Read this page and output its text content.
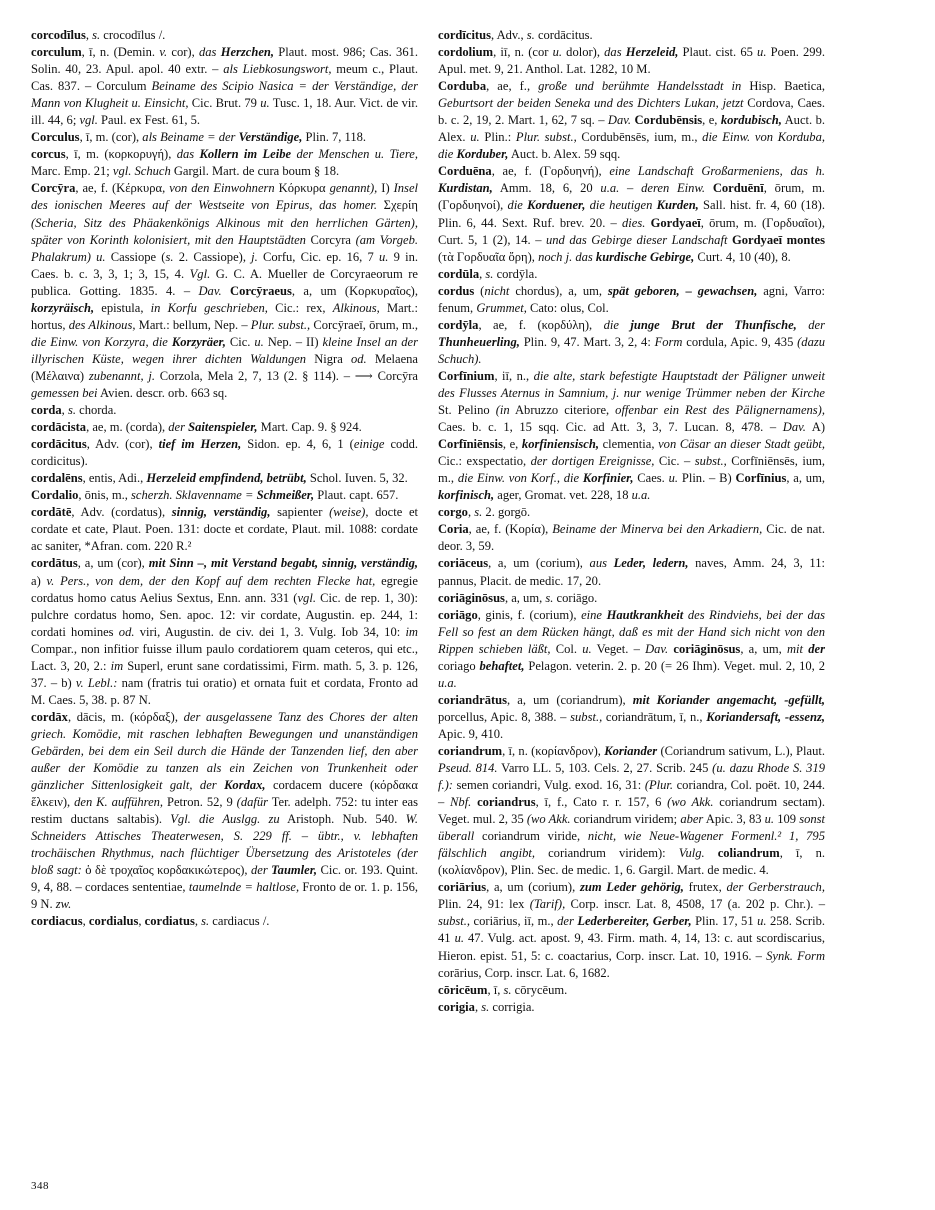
corcodīlus, s. crocodīlus /.

corculum, ī, n. (Demin. v. cor), das Herzchen, Plaut. most. 986; Cas. 361. Solin. 40, 23. Apul. apol. 40 extr. – als Liebkosungswort, meum c., Plaut. Cas. 837. – Corculum Beiname des Scipio Nasica = der Verständige, der Mann von Klugheit u. Einsicht, Cic. Brut. 79 u. Tusc. 1, 18. Aur. Vict. de vir. ill. 44, 6; vgl. Paul. ex Fest. 61, 5.

Corculus, ī, m. (cor), als Beiname = der Verständige, Plin. 7, 118.

corcus, ī, m. (κορκορυγή), das Kollern im Leibe der Menschen u. Tiere, Marc. Emp. 21; vgl. Schuch Gargil. Mart. de cura boum § 18.

Corcȳra, ae, f. (Κέρκυρα, von den Einwohnern Κόρκυρα genannt), I) Insel des ionischen Meeres auf der Westseite von Epirus, das homer. Σχερίη (Scheria, Sitz des Phäakenkönigs Alkinous mit den herrlichen Gärten), später von Korinth kolonisiert, mit den Hauptstädten Corcyra (am Vorgeb. Phalakrum) u. Cassiope (s. 2. Cassiope), j. Corfu, Cic. ep. 16, 7 u. 9 in. Caes. b. c. 3, 3, 1; 3, 15, 4. Vgl. G. C. A. Mueller de Corcyraeorum re publica. Gotting. 1835. 4. – Dav. Corcȳraeus, a, um (Κορκυραῖος), korzyräisch, epistula, in Korfu geschrieben, Cic.: rex, Alkinous, Mart.: hortus, des Alkinous, Mart.: bellum, Nep. – Plur. subst., Corcȳraeī, ōrum, m., die Einw. von Korzyra, die Korzyräer, Cic. u. Nep. – II) kleine Insel an der illyrischen Küste, wegen ihrer dichten Waldungen Nigra od. Melaena (Μέλαινα) zubenannt, j. Corzola, Mela 2, 7, 13 (2. § 114). – ⟶ Corcȳra gemessen bei Avien. descr. orb. 663 sq.

corda, s. chorda.

cordācista, ae, m. (corda), der Saitenspieler, Mart. Cap. 9. § 924.

cordācitus, Adv. (cor), tief im Herzen, Sidon. ep. 4, 6, 1 (einige codd. cordicitus).

cordalēns, entis, Adi., Herzeleid empfindend, betrübt, Schol. Iuven. 5, 32.

Cordalio, ōnis, m., scherzh. Sklavenname = Schmeißer, Plaut. capt. 657.

cordātē, Adv. (cordatus), sinnig, verständig, sapienter (weise), docte et cordate et cate, Plaut. Poen. 131: docte et cordate, Plaut. mil. 1088: cordate ac saniter, *Afran. com. 220 R.²

cordātus, a, um (cor), mit Sinn –, mit Verstand begabt, sinnig, verständig, a) v. Pers., von dem, der den Kopf auf dem rechten Flecke hat, egregie cordatus homo catus Aelius Sextus, Enn. ann. 331 (vgl. Cic. de rep. 1, 30): pulchre cordatus homo, Sen. apoc. 12: vir cordate, Augustin. ep. 244, 1: cordati homines od. viri, Augustin. de civ. dei 1, 3. Vulg. Iob 34, 10: im Compar., non infitior fuisse illum paulo cordatiorem quam ceteros, qui etc., Lact. 3, 20, 2.: im Superl, erunt sane cordatissimi, Firm. math. 5, 3. p. 126, 37. – b) v. Lebl.: nam (fratris tui oratio) et ornata fuit et cordata, Fronto ad M. Caes. 5, 38. p. 87 N.

cordāx, dācis, m. (κόρδαξ), der ausgelassene Tanz des Chores der alten griech. Komödie, mit raschen lebhaften Bewegungen und unanständigen Gebärden, bei dem ein Seil durch die Hände der Tanzenden lief, den aber außer der Komödie zu tanzen als ein Zeichen von Trunkenheit oder gänzlicher Sittenlosigkeit galt, der Kordax, cordacem ducere (κόρδακα ἕλκειν), den K. aufführen, Petron. 52, 9 (dafür Ter. adelph. 752: tu inter eas restim ductans saltabis). Vgl. die Auslgg. zu Aristoph. Nub. 540. W. Schneiders Attisches Theaterwesen, S. 229 ff. – übtr., v. lebhaften trochäischen Rhythmus, nach flüchtiger Übersetzung des Aristoteles (der bloß sagt: ὁ δὲ τροχαῖος κορδακικώτερος), der Taumler, Cic. or. 193. Quint. 9, 4, 88. – cordaces sententiae, taumelnde = haltlose, Fronto de or. 1. p. 156, 9 N. zw.

cordiacus, cordialus, cordiatus, s. cardiacus /.

cordīcitus, Adv., s. cordācitus.

cordolium, iī, n. (cor u. dolor), das Herzeleid, Plaut. cist. 65 u. Poen. 299. Apul. met. 9, 21. Anthol. Lat. 1282, 10 M.

Corduba, ae, f., große und berühmte Handelsstadt in Hisp. Baetica, Geburtsort der beiden Seneka und des Dichters Lukan, jetzt Cordova, Caes. b. c. 2, 19, 2. Mart. 1, 62, 7 sq. – Dav. Cordubēnsis, e, kordubisch, Auct. b. Alex. u. Plin.: Plur. subst., Cordubēnsēs, ium, m., die Einw. von Korduba, die Korduber, Auct. b. Alex. 59 sqq.

Corduēna, ae, f. (Γορδυηνή), eine Landschaft Großarmeniens, das h. Kurdistan, Amm. 18, 6, 20 u.a. – deren Einw. Corduēnī, ōrum, m. (Γορδυηνοί), die Korduener, die heutigen Kurden, Sall. hist. fr. 4, 60 (18). Plin. 6, 44. Sext. Ruf. brev. 20. – dies. Gordyaeī, ōrum, m. (Γορδυαῖοι), Curt. 5, 1 (2), 14. – und das Gebirge dieser Landschaft Gordyaeī montes (τὰ Γορδυαῖα ὄρη), noch j. das kurdische Gebirge, Curt. 4, 10 (40), 8.

cordūla, s. cordȳla.

cordus (nicht chordus), a, um, spät geboren, – gewachsen, agni, Varro: fenum, Grummet, Cato: olus, Col.

cordȳla, ae, f. (κορδύλη), die junge Brut der Thunfische, der Thunheuerling, Plin. 9, 47. Mart. 3, 2, 4: Form cordula, Apic. 9, 435 (dazu Schuch).

Corfīnium, iī, n., die alte, stark befestigte Hauptstadt der Päligner unweit des Flusses Aternus in Samnium, j. nur wenige Trümmer neben der Kirche St. Pelino (in Abruzzo citeriore, offenbar ein Rest des Pälignernamens), Caes. b. c. 1, 15 sqq. Cic. ad Att. 3, 3, 7. Lucan. 8, 478. – Dav. A) Corfīniēnsis, e, korfiniensisch, clementia, von Cäsar an dieser Stadt geübt, Cic.: exspectatio, der dortigen Ereignisse, Cic. – subst., Corfīniēnsēs, ium, m., die Einw. von Korf., die Korfinier, Caes. u. Plin. – B) Corfīnius, a, um, korfinisch, ager, Gromat. vet. 228, 18 u.a.

corgo, s. 2. gorgō.

Coria, ae, f. (Κορία), Beiname der Minerva bei den Arkadiern, Cic. de nat. deor. 3, 59.

coriāceus, a, um (corium), aus Leder, ledern, naves, Amm. 24, 3, 11: pannus, Placit. de medic. 17, 20.

coriāginōsus, a, um, s. coriāgo.

coriāgo, ginis, f. (corium), eine Hautkrankheit des Rindviehs, bei der das Fell so fest an dem Rücken hängt, daß es mit der Hand sich nicht von den Rippen schieben läßt, Col. u. Veget. – Dav. coriāginōsus, a, um, mit der coriago behaftet, Pelagon. veterin. 2. p. 20 (= 26 Ihm). Veget. mul. 2, 10, 2 u.a.

coriandrātus, a, um (coriandrum), mit Koriander angemacht, -gefüllt, porcellus, Apic. 8, 388. – subst., coriandrātum, ī, n., Koriandersaft, -essenz, Apic. 9, 410.

coriandrum, ī, n. (κορίανδρον), Koriander (Coriandrum sativum, L.), Plaut. Pseud. 814. Varro LL. 5, 103. Cels. 2, 27. Scrib. 245 (u. dazu Rhode S. 319 f.): semen coriandri, Vulg. exod. 16, 31: (Plur. coriandra, Col. poët. 10, 244. – Nbf. coriandrus, ī, f., Cato r. r. 157, 6 (wo Akk. coriandrum sectam). Veget. mul. 2, 35 (wo Akk. coriandrum viridem; aber Apic. 3, 83 u. 109 sonst überall coriandrum viride, nicht, wie Neue-Wagener Formenl.² 1, 795 fälschlich angibt, coriandrum viridem): Vulg. coliandrum, ī, n. (κολίανδρον), Plin. Sec. de medic. 1, 6. Gargil. Mart. de medic. 4.

coriārius, a, um (corium), zum Leder gehörig, frutex, der Gerberstrauch, Plin. 24, 91: lex (Tarif), Corp. inscr. Lat. 8, 4508, 17 (a. 202 p. Chr.). – subst., coriārius, iī, m., der Lederbereiter, Gerber, Plin. 17, 51 u. 258. Scrib. 41 u. 47. Vulg. act. apost. 9, 43. Firm. math. 4, 14, 13: c. aut scordiscarius, Hieron. epist. 51, 5: c. coactarius, Corp. inscr. Lat. 10, 1916. – Synk. Form corārius, Corp. inscr. Lat. 6, 1682.

cōricēum, ī, s. cōrycēum.

corigia, s. corrigia.

348
